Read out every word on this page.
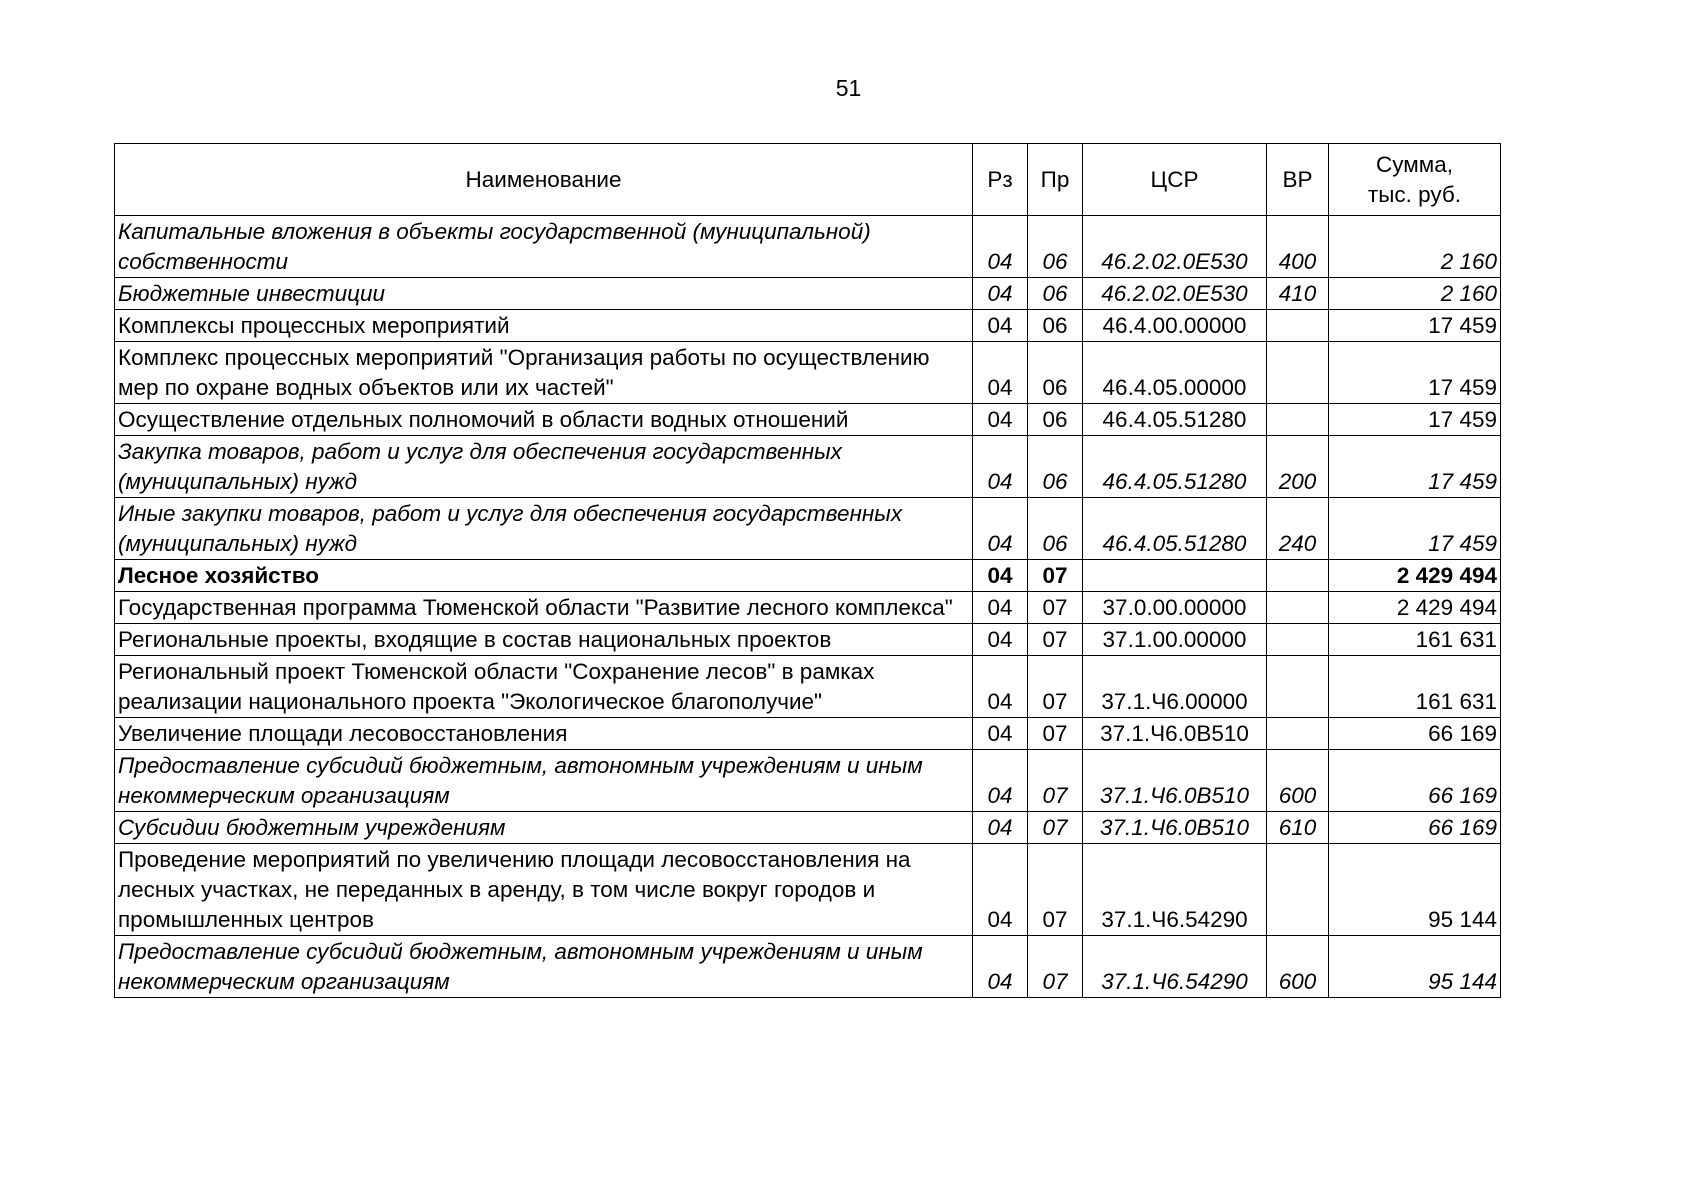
51
Наименование	Рз	Пр	ЦСР	ВР	Сумма,
тыс. руб.

Капитальные вложения в объекты государственной (муниципальной) собственности	04	06	46.2.02.0Е530	400	2 160
Бюджетные инвестиции	04	06	46.2.02.0Е530	410	2 160
Комплексы процессных мероприятий	04	06	46.4.00.00000		17 459
Комплекс процессных мероприятий "Организация работы по осуществлению мер по охране водных объектов или их частей"	04	06	46.4.05.00000		17 459
Осуществление отдельных полномочий в области водных отношений	04	06	46.4.05.51280		17 459
Закупка товаров, работ и услуг для обеспечения государственных (муниципальных) нужд	04	06	46.4.05.51280	200	17 459
Иные закупки товаров, работ и услуг для обеспечения государственных (муниципальных) нужд	04	06	46.4.05.51280	240	17 459
Лесное хозяйство	04	07			2 429 494
Государственная программа Тюменской области "Развитие лесного комплекса"	04	07	37.0.00.00000		2 429 494
Региональные проекты, входящие в состав национальных проектов	04	07	37.1.00.00000		161 631
Региональный проект Тюменской области "Сохранение лесов" в рамках реализации национального проекта "Экологическое благополучие"	04	07	37.1.Ч6.00000		161 631
Увеличение площади лесовосстановления	04	07	37.1.Ч6.0В510		66 169
Предоставление субсидий бюджетным, автономным учреждениям и иным некоммерческим организациям	04	07	37.1.Ч6.0В510	600	66 169
Субсидии бюджетным учреждениям	04	07	37.1.Ч6.0В510	610	66 169
Проведение мероприятий по увеличению площади лесовосстановления на лесных участках, не переданных в аренду, в том числе вокруг городов и промышленных центров	04	07	37.1.Ч6.54290		95 144
Предоставление субсидий бюджетным, автономным учреждениям и иным некоммерческим организациям	04	07	37.1.Ч6.54290	600	95 144
